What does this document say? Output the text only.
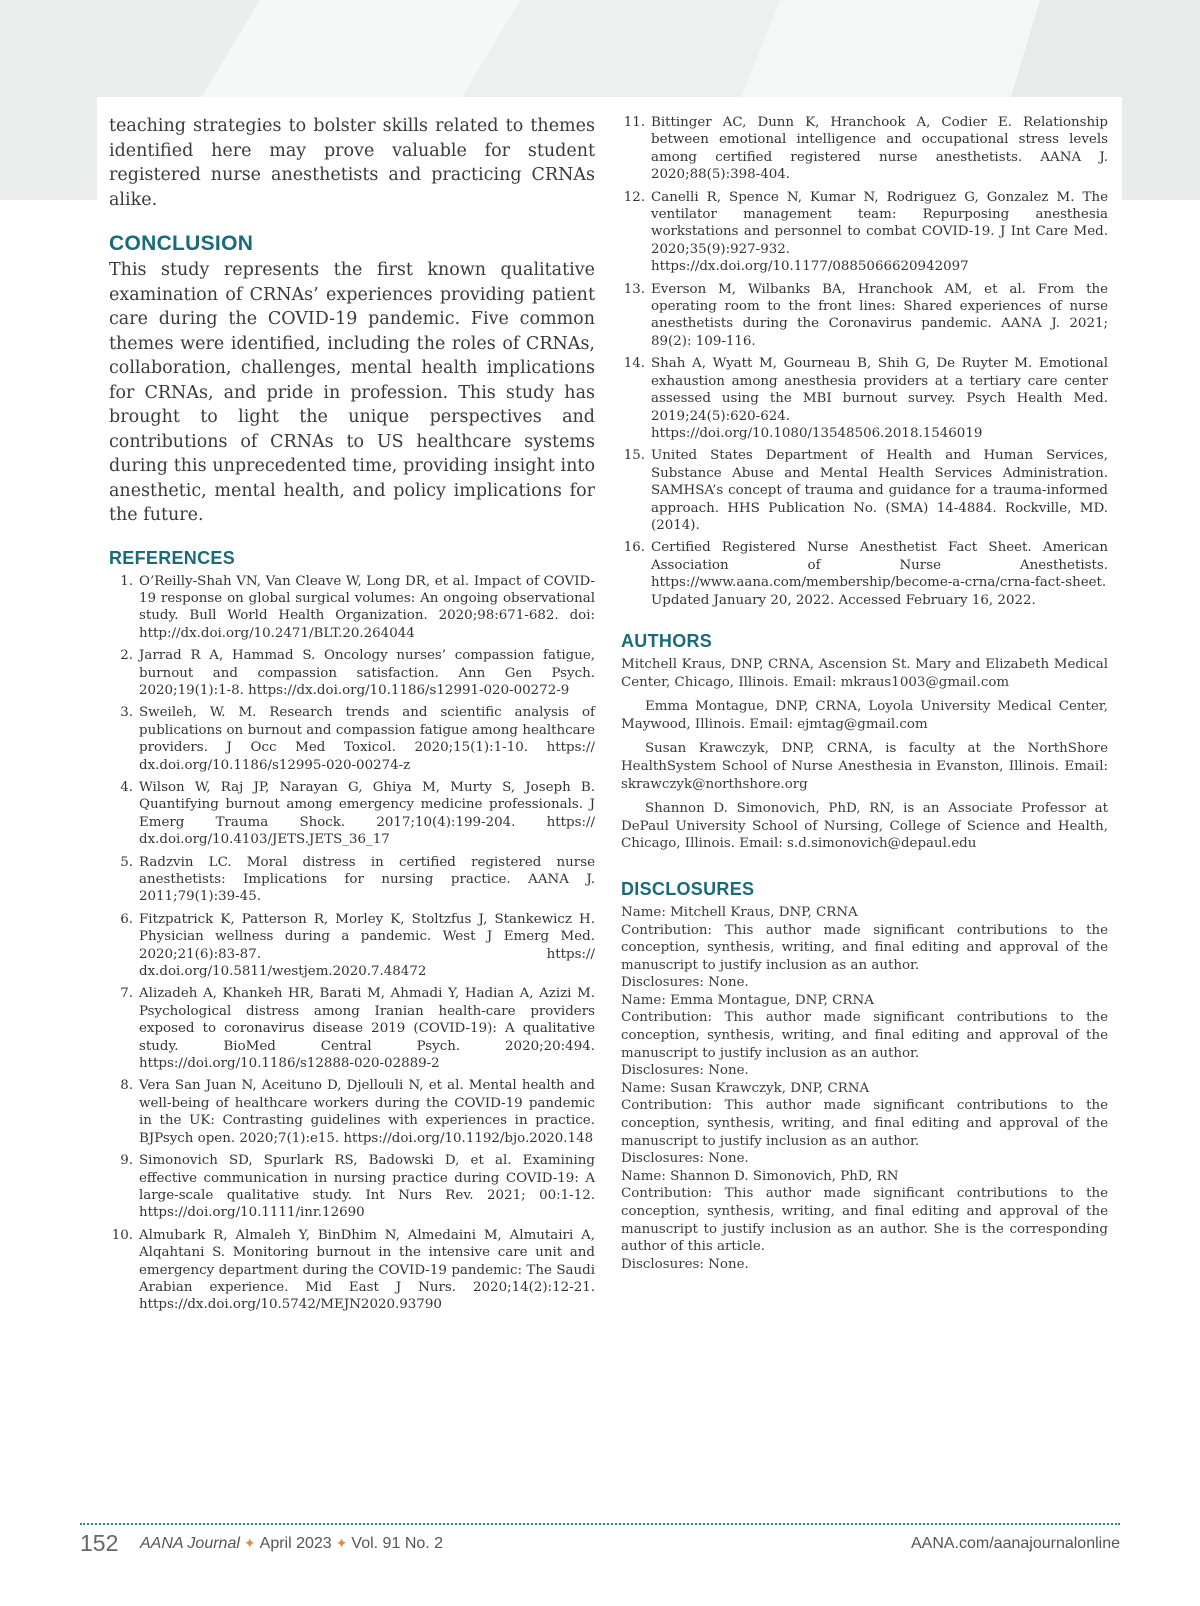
teaching strategies to bolster skills related to themes identified here may prove valuable for student registered nurse anesthetists and practicing CRNAs alike.

CONCLUSION

This study represents the first known qualitative examination of CRNAs’ experiences providing patient care during the COVID-19 pandemic. Five common themes were identified, including the roles of CRNAs, collaboration, challenges, mental health implications for CRNAs, and pride in profession. This study has brought to light the unique perspectives and contributions of CRNAs to US healthcare systems during this unprecedented time, providing insight into anesthetic, mental health, and policy implications for the future.

REFERENCES
1. O’Reilly-Shah VN, Van Cleave W, Long DR, et al. Impact of COVID-19 response on global surgical volumes: An ongoing observational study. Bull World Health Organization. 2020;98:671-682. doi: http://dx.doi.org/10.2471/BLT.20.264044
2. Jarrad R A, Hammad S. Oncology nurses’ compassion fatigue, burnout and compassion satisfaction. Ann Gen Psych. 2020;19(1):1-8. https://dx.doi.org/10.1186/s12991-020-00272-9
3. Sweileh, W. M. Research trends and scientific analysis of publications on burnout and compassion fatigue among healthcare providers. J Occ Med Toxicol. 2020;15(1):1-10. https:// dx.doi.org/10.1186/s12995-020-00274-z
4. Wilson W, Raj JP, Narayan G, Ghiya M, Murty S, Joseph B. Quantifying burnout among emergency medicine professionals. J Emerg Trauma Shock. 2017;10(4):199-204. https:// dx.doi.org/10.4103/JETS.JETS_36_17
5. Radzvin LC. Moral distress in certified registered nurse anesthetists: Implications for nursing practice. AANA J. 2011;79(1):39-45.
6. Fitzpatrick K, Patterson R, Morley K, Stoltzfus J, Stankewicz H. Physician wellness during a pandemic. West J Emerg Med. 2020;21(6):83-87. https:// dx.doi.org/10.5811/westjem.2020.7.48472
7. Alizadeh A, Khankeh HR, Barati M, Ahmadi Y, Hadian A, Azizi M. Psychological distress among Iranian health-care providers exposed to coronavirus disease 2019 (COVID-19): A qualitative study. BioMed Central Psych. 2020;20:494. https://doi.org/10.1186/s12888-020-02889-2
8. Vera San Juan N, Aceituno D, Djellouli N, et al. Mental health and well-being of healthcare workers during the COVID-19 pandemic in the UK: Contrasting guidelines with experiences in practice. BJPsych open. 2020;7(1):e15. https://doi.org/10.1192/bjo.2020.148
9. Simonovich SD, Spurlark RS, Badowski D, et al. Examining effective communication in nursing practice during COVID-19: A large-scale qualitative study. Int Nurs Rev. 2021; 00:1-12. https://doi.org/10.1111/inr.12690
10. Almubark R, Almaleh Y, BinDhim N, Almedaini M, Almutairi A, Alqahtani S. Monitoring burnout in the intensive care unit and emergency department during the COVID-19 pandemic: The Saudi Arabian experience. Mid East J Nurs. 2020;14(2):12-21. https://dx.doi.org/10.5742/MEJN2020.93790
11. Bittinger AC, Dunn K, Hranchook A, Codier E. Relationship between emotional intelligence and occupational stress levels among certified registered nurse anesthetists. AANA J. 2020;88(5):398-404.
12. Canelli R, Spence N, Kumar N, Rodriguez G, Gonzalez M. The ventilator management team: Repurposing anesthesia workstations and personnel to combat COVID-19. J Int Care Med. 2020;35(9):927-932. https://dx.doi.org/10.1177/0885066620942097
13. Everson M, Wilbanks BA, Hranchook AM, et al. From the operating room to the front lines: Shared experiences of nurse anesthetists during the Coronavirus pandemic. AANA J. 2021; 89(2): 109-116.
14. Shah A, Wyatt M, Gourneau B, Shih G, De Ruyter M. Emotional exhaustion among anesthesia providers at a tertiary care center assessed using the MBI burnout survey. Psych Health Med. 2019;24(5):620-624. https://doi.org/10.1080/13548506.2018.1546019
15. United States Department of Health and Human Services, Substance Abuse and Mental Health Services Administration. SAMHSA’s concept of trauma and guidance for a trauma-informed approach. HHS Publication No. (SMA) 14-4884. Rockville, MD. (2014).
16. Certified Registered Nurse Anesthetist Fact Sheet. American Association of Nurse Anesthetists. https://www.aana.com/membership/become-a-crna/crna-fact-sheet. Updated January 20, 2022. Accessed February 16, 2022.
AUTHORS

Mitchell Kraus, DNP, CRNA, Ascension St. Mary and Elizabeth Medical Center, Chicago, Illinois. Email: mkraus1003@gmail.com

Emma Montague, DNP, CRNA, Loyola University Medical Center, Maywood, Illinois. Email: ejmtag@gmail.com

Susan Krawczyk, DNP, CRNA, is faculty at the NorthShore HealthSystem School of Nurse Anesthesia in Evanston, Illinois. Email: skrawczyk@northshore.org

Shannon D. Simonovich, PhD, RN, is an Associate Professor at DePaul University School of Nursing, College of Science and Health, Chicago, Illinois. Email: s.d.simonovich@depaul.edu

DISCLOSURES

Name: Mitchell Kraus, DNP, CRNA

Contribution: This author made significant contributions to the conception, synthesis, writing, and final editing and approval of the manuscript to justify inclusion as an author.

Disclosures: None.

Name: Emma Montague, DNP, CRNA

Contribution: This author made significant contributions to the conception, synthesis, writing, and final editing and approval of the manuscript to justify inclusion as an author.

Disclosures: None.

Name: Susan Krawczyk, DNP, CRNA

Contribution: This author made significant contributions to the conception, synthesis, writing, and final editing and approval of the manuscript to justify inclusion as an author.

Disclosures: None.

Name: Shannon D. Simonovich, PhD, RN

Contribution: This author made significant contributions to the conception, synthesis, writing, and final editing and approval of the manuscript to justify inclusion as an author. She is the corresponding author of this article.

Disclosures: None.

152 AANA Journal ✦ April 2023 ✦ Vol. 91 No. 2	AANA.com/aanajournalonline
